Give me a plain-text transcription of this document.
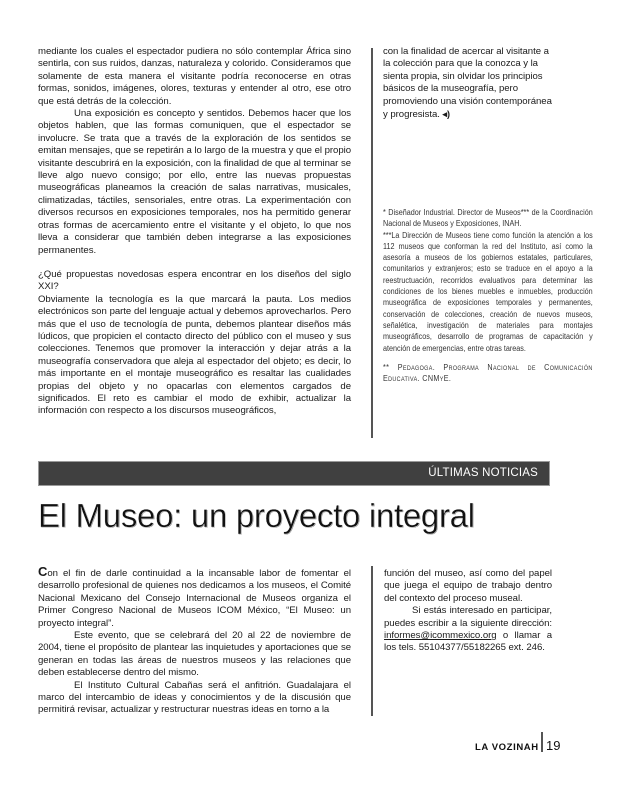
mediante los cuales el espectador pudiera no sólo contemplar África sino sentirla, con sus ruidos, danzas, naturaleza y colorido. Consideramos que solamente de esta manera el visitante podría reconocerse en otras formas, sonidos, imágenes, olores, texturas y entender al otro, ese otro que está detrás de la colección.

Una exposición es concepto y sentidos. Debemos hacer que los objetos hablen, que las formas comuniquen, que el espectador se involucre. Se trata que a través de la exploración de los sentidos se emitan mensajes, que se repetirán a lo largo de la muestra y que el propio visitante descubrirá en la exposición, con la finalidad de que al terminar se lleve algo nuevo consigo; por ello, entre las nuevas propuestas museográficas planeamos la creación de salas narrativas, musicales, climatizadas, táctiles, sensoriales, entre otras. La experimentación con diversos recursos en exposiciones temporales, nos ha permitido generar otras formas de acercamiento entre el visitante y el objeto, lo que nos lleva a considerar que también deben integrarse a las exposiciones permanentes.

¿Qué propuestas novedosas espera encontrar en los diseños del siglo XXI?

Obviamente la tecnología es la que marcará la pauta. Los medios electrónicos son parte del lenguaje actual y debemos aprovecharlos. Pero más que el uso de tecnología de punta, debemos plantear diseños más lúdicos, que propicien el contacto directo del público con el museo y sus colecciones. Tenemos que promover la interacción y dejar atrás a la museografía conservadora que aleja al espectador del objeto; es decir, lo más importante en el montaje museográfico es resaltar las cualidades propias del objeto y no opacarlas con elementos cargados de significados. El reto es cambiar el modo de exhibir, actualizar la información con respecto a los discursos museográficos,

con la finalidad de acercar al visitante a la colección para que la conozca y la sienta propia, sin olvidar los principios básicos de la museografía, pero promoviendo una visión contemporánea y progresista. ◂)

* Diseñador Industrial. Director de Museos*** de la Coordinación Nacional de Museos y Exposiciones, INAH.

***La Dirección de Museos tiene como función la atención a los 112 museos que conforman la red del Instituto, así como la asesoría a museos de los gobiernos estatales, particulares, comunitarios y extranjeros; esto se traduce en el apoyo a la reestructuación, recorridos evaluativos para determinar las condiciones de los bienes muebles e inmuebles, producción museográfica de exposiciones temporales y permanentes, conservación de colecciones, creación de nuevos museos, señalética, investigación de materiales para montajes museográficos, desarrollo de programas de capacitación y atención de emergencias, entre otras tareas.

** Pedagoga. Programa Nacional de Comunicación Educativa. CNMyE.

ÚLTIMAS NOTICIAS
El Museo: un proyecto integral

Con el fin de darle continuidad a la incansable labor de fomentar el desarrollo profesional de quienes nos dedicamos a los museos, el Comité Nacional Mexicano del Consejo Internacional de Museos organiza el Primer Congreso Nacional de Museos ICOM México, “El Museo: un proyecto integral”.

Este evento, que se celebrará del 20 al 22 de noviembre de 2004, tiene el propósito de plantear las inquietudes y aportaciones que se generan en todas las áreas de nuestros museos y las relaciones que deben establecerse dentro del mismo.

El Instituto Cultural Cabañas será el anfitrión. Guadalajara el marco del intercambio de ideas y conocimientos y de la discusión que permitirá revisar, actualizar y restructurar nuestras ideas en torno a la

función del museo, así como del papel que juega el equipo de trabajo dentro del contexto del proceso museal.

Si estás interesado en participar, puedes escribir a la siguiente dirección: informes@icommexico.org o llamar a los tels. 55104377/55182265 ext. 246.

LA VOZINAH 19
